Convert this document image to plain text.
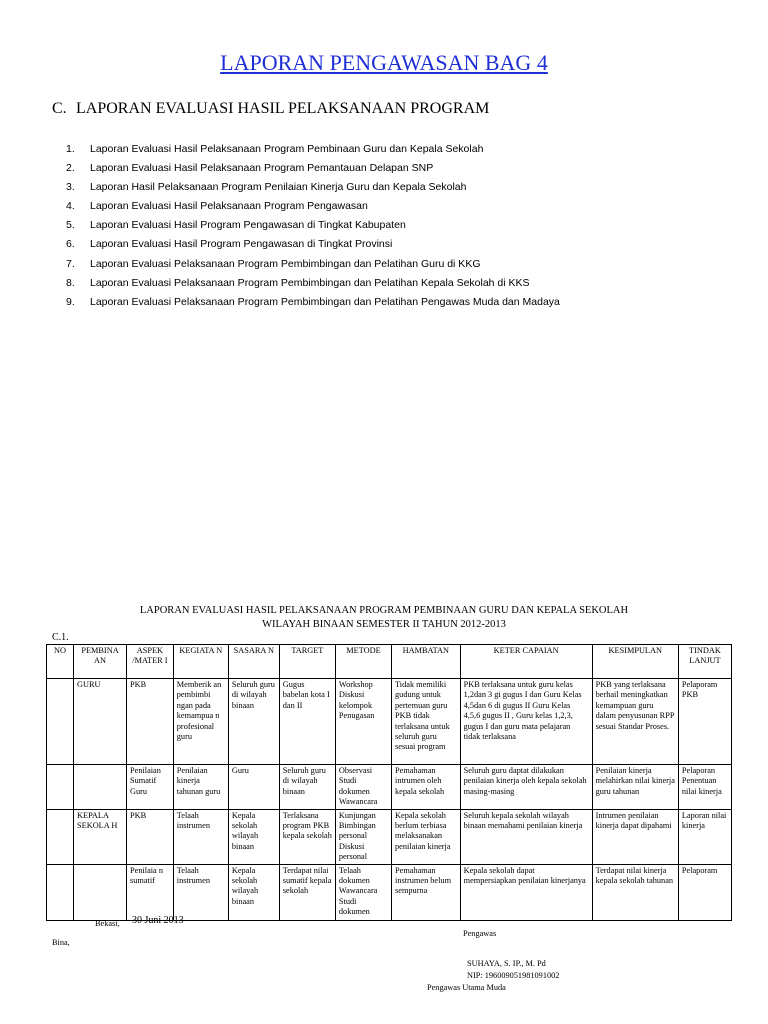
LAPORAN PENGAWASAN BAG 4
C. LAPORAN EVALUASI HASIL PELAKSANAAN PROGRAM
1. Laporan Evaluasi Hasil Pelaksanaan Program Pembinaan Guru dan Kepala Sekolah
2. Laporan Evaluasi Hasil Pelaksanaan Program Pemantauan Delapan SNP
3. Laporan Hasil Pelaksanaan Program Penilaian Kinerja Guru dan Kepala Sekolah
4. Laporan Evaluasi Hasil Pelaksanaan Program Pengawasan
5. Laporan Evaluasi Hasil Program Pengawasan di Tingkat Kabupaten
6. Laporan Evaluasi Hasil Program Pengawasan di Tingkat Provinsi
7. Laporan Evaluasi Pelaksanaan Program Pembimbingan dan Pelatihan Guru di KKG
8. Laporan Evaluasi Pelaksanaan Program Pembimbingan dan Pelatihan Kepala Sekolah di KKS
9. Laporan Evaluasi Pelaksanaan Program Pembimbingan dan Pelatihan Pengawas Muda dan Madaya
LAPORAN EVALUASI HASIL PELAKSANAAN PROGRAM PEMBINAAN GURU DAN KEPALA SEKOLAH
WILAYAH BINAAN SEMESTER II TAHUN 2012-2013
C.1.
NO	PEMBINA AN	ASPEK /MATER I	KEGIATA N	SASARA N	TARGET	METODE	HAMBATAN	KETER CAPAIAN	KESIMPULAN	TINDAK LANJUT
	GURU	PKB	Memberik an pembimbi ngan pada kemampua n profesional guru	Seluruh guru di wilayah binaan	Gugus babelan kota I dan II	Workshop Diskusi kelompok Penugasan	Tidak memiliki gudung untuk pertemuan guru PKB tidak terlaksana untuk seluruh guru sesuai program	PKB terlaksana untuk guru kelas 1,2dan 3 gi gugus I dan Guru Kelas 4,5dan 6 di gugus II Guru Kelas 4,5,6 gugus II , Guru kelas 1,2,3, gugus I dan guru mata pelajaran tidak terlaksana	PKB yang terlaksana berhail meningkatkan kemampuan guru dalam penyusunan RPP sesuai Standar Proses.	Pelaporam PKB
		Penilaian Sumatif Guru	Penilaian kinerja tahunan guru	Guru	Seluruh guru di wilayah binaan	Observasi Studi dokumen Wawancara	Pemahaman intrumen oleh kepala sekolah	Seluruh guru daptat dilakukan penilaian kinerja oleh kepala sekolah masing-masing	Penilaian kinerja melahirkan nilai kinerja guru tahunan	Pelaporan Penentuan nilai kinerja
	KEPALA SEKOLA H	PKB	Telaah instrumen	Kepala sekolah wilayah binaan	Terlaksana program PKB kepala sekolah	Kunjungan Bimbingan personal Diskusi personal	Kepala sekolah berlum terbiasa melaksanakan penilaian kinerja	Seluruh kepala sekolah wilayah binaan memahami penilaian kinerja	Intrumen penilaian kinerja dapat dipahami	Laporan nilai kinerja
		Penilaia n sumatif	Telaah instrumen	Kepala sekolah wilayah binaan	Terdapat nilai sumatif kepala sekolah	Telaah dokumen Wawancara Studi dokumen	Pemahaman instrumen belum sempurna	Kepala sekolah dapat mempersiapkan penilaian kinerjanya	Terdapat nilai kinerja kepala sekolah tahunan	Pelaporam
Bekasi, 30 Juni 2013
Pengawas
Bina,
SUHAYA, S. IP., M. Pd
NIP: 196009051981091002
Pengawas Utama Muda
